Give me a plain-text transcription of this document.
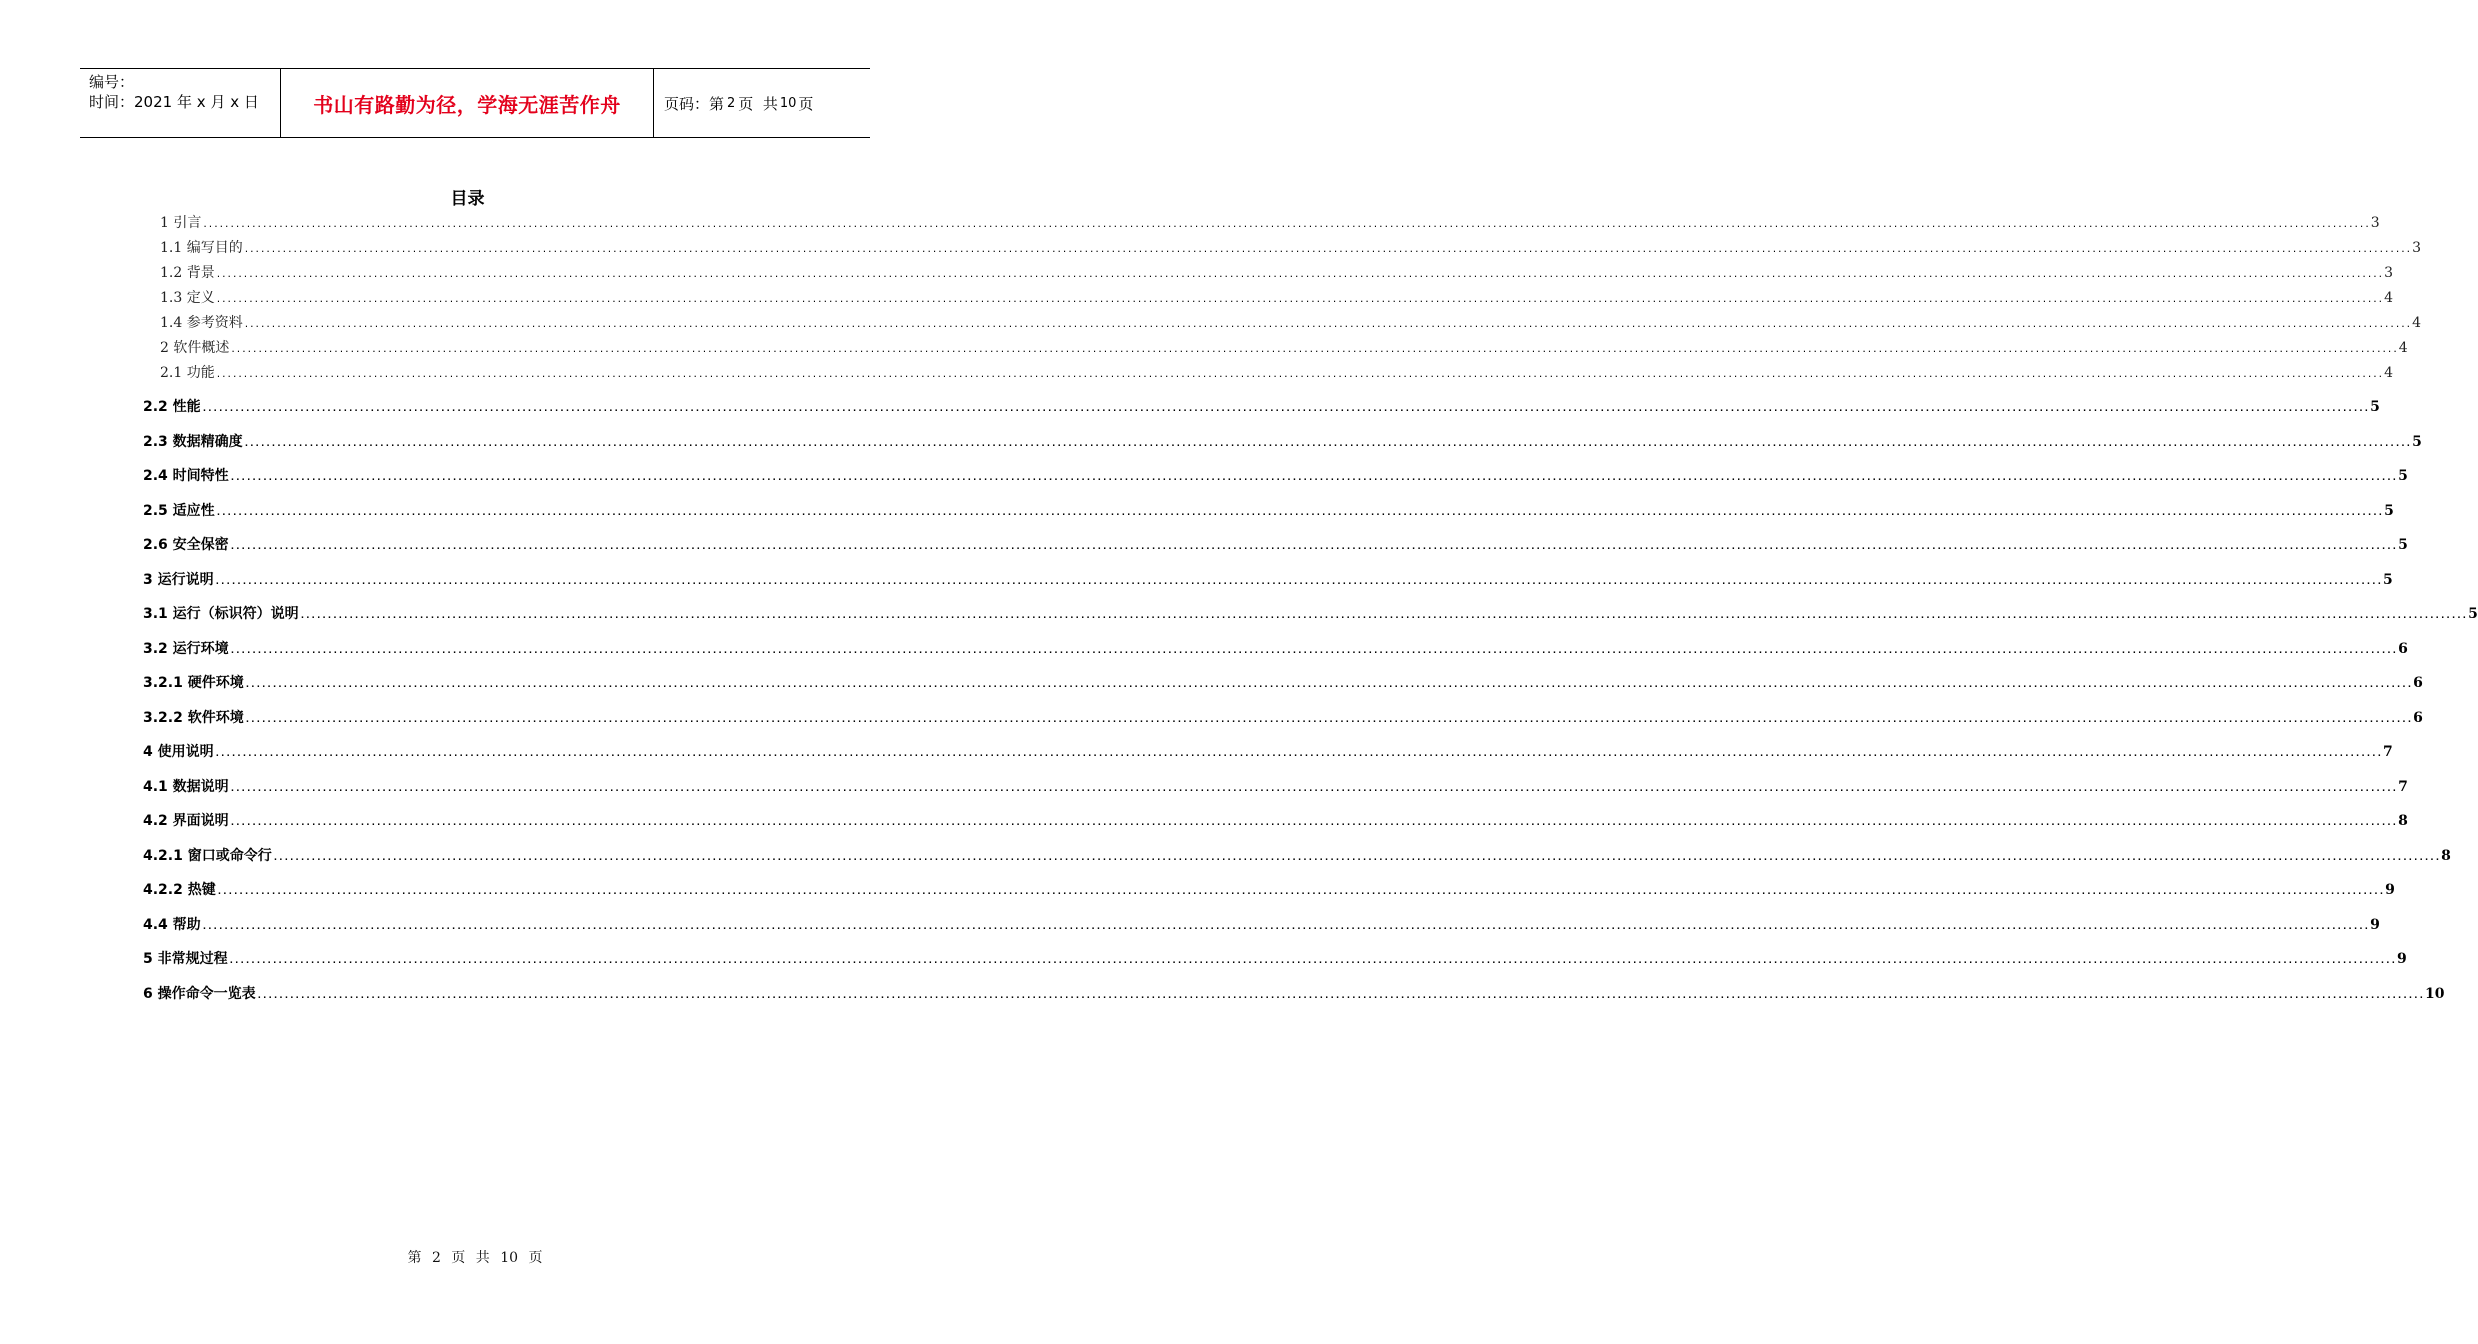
编号：
时间：2021 年 x 月 x 日	书山有路勤为径，学海无涯苦作舟	页码：第 2 页  共 10 页
目录
1 引言 ................................................................................................................................................................................................................................................................................................................................................................................................................ 3
1.1 编写目的 ................................................................................................................................................................................................................................................................................................................................................................................................................ 3
1.2 背景 ................................................................................................................................................................................................................................................................................................................................................................................................................ 3
1.3 定义 ................................................................................................................................................................................................................................................................................................................................................................................................................ 4
1.4 参考资料 ................................................................................................................................................................................................................................................................................................................................................................................................................ 4
2 软件概述 ................................................................................................................................................................................................................................................................................................................................................................................................................ 4
2.1 功能 ................................................................................................................................................................................................................................................................................................................................................................................................................ 4
2.2 性能 ................................................................................................................................................................................................................................................................................................................................................................................................................ 5
2.3 数据精确度 ................................................................................................................................................................................................................................................................................................................................................................................................................ 5
2.4 时间特性 ................................................................................................................................................................................................................................................................................................................................................................................................................ 5
2.5 适应性 ................................................................................................................................................................................................................................................................................................................................................................................................................ 5
2.6 安全保密 ................................................................................................................................................................................................................................................................................................................................................................................................................ 5
3 运行说明 ................................................................................................................................................................................................................................................................................................................................................................................................................ 5
3.1 运行（标识符）说明 ................................................................................................................................................................................................................................................................................................................................................................................................................ 5
3.2 运行环境 ................................................................................................................................................................................................................................................................................................................................................................................................................ 6
3.2.1 硬件环境 ................................................................................................................................................................................................................................................................................................................................................................................................................ 6
3.2.2 软件环境 ................................................................................................................................................................................................................................................................................................................................................................................................................ 6
4 使用说明 ................................................................................................................................................................................................................................................................................................................................................................................................................ 7
4.1 数据说明 ................................................................................................................................................................................................................................................................................................................................................................................................................ 7
4.2 界面说明 ................................................................................................................................................................................................................................................................................................................................................................................................................ 8
4.2.1 窗口或命令行 ................................................................................................................................................................................................................................................................................................................................................................................................................ 8
4.2.2 热键 ................................................................................................................................................................................................................................................................................................................................................................................................................ 9
4.4 帮助 ................................................................................................................................................................................................................................................................................................................................................................................................................ 9
5 非常规过程 ................................................................................................................................................................................................................................................................................................................................................................................................................ 9
6 操作命令一览表 ................................................................................................................................................................................................................................................................................................................................................................................................................ 10
第 2 页 共 10 页
